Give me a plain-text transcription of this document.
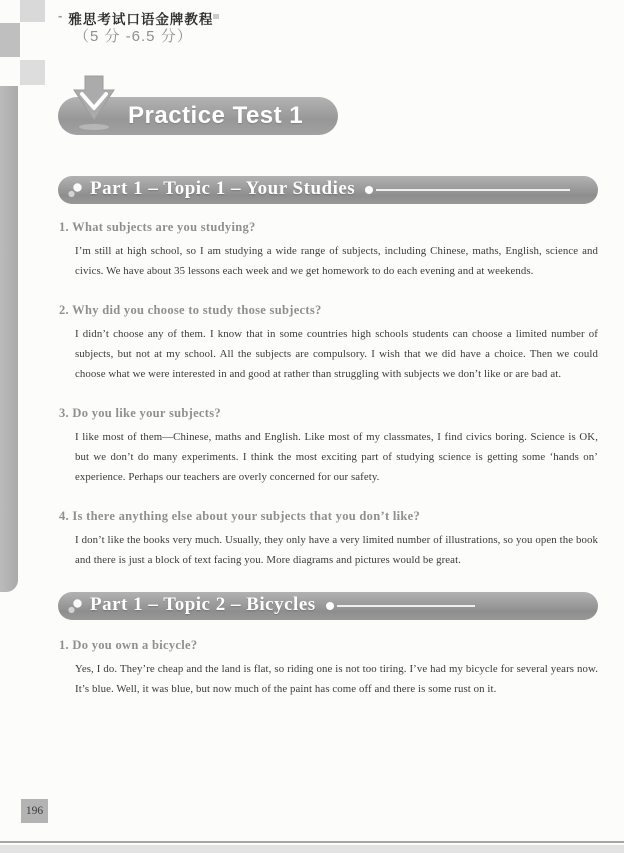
- 雅思考试口语金牌教程
（5 分 -6.5 分）
Practice Test 1
Part 1 – Topic 1 – Your Studies

1. What subjects are you studying?

I’m still at high school, so I am studying a wide range of subjects, including Chinese, maths, English, science and civics. We have about 35 lessons each week and we get homework to do each evening and at weekends.

2. Why did you choose to study those subjects?

I didn’t choose any of them. I know that in some countries high schools students can choose a limited number of subjects, but not at my school. All the subjects are compulsory. I wish that we did have a choice. Then we could choose what we were interested in and good at rather than struggling with subjects we don’t like or are bad at.

3. Do you like your subjects?

I like most of them—Chinese, maths and English. Like most of my classmates, I find civics boring. Science is OK, but we don’t do many experiments. I think the most exciting part of studying science is getting some ‘hands on’ experience. Perhaps our teachers are overly concerned for our safety.

4. Is there anything else about your subjects that you don’t like?

I don’t like the books very much. Usually, they only have a very limited number of illustrations, so you open the book and there is just a block of text facing you. More diagrams and pictures would be great.

Part 1 – Topic 2 – Bicycles

1. Do you own a bicycle?

Yes, I do. They’re cheap and the land is flat, so riding one is not too tiring. I’ve had my bicycle for several years now. It’s blue. Well, it was blue, but now much of the paint has come off and there is some rust on it.

196
